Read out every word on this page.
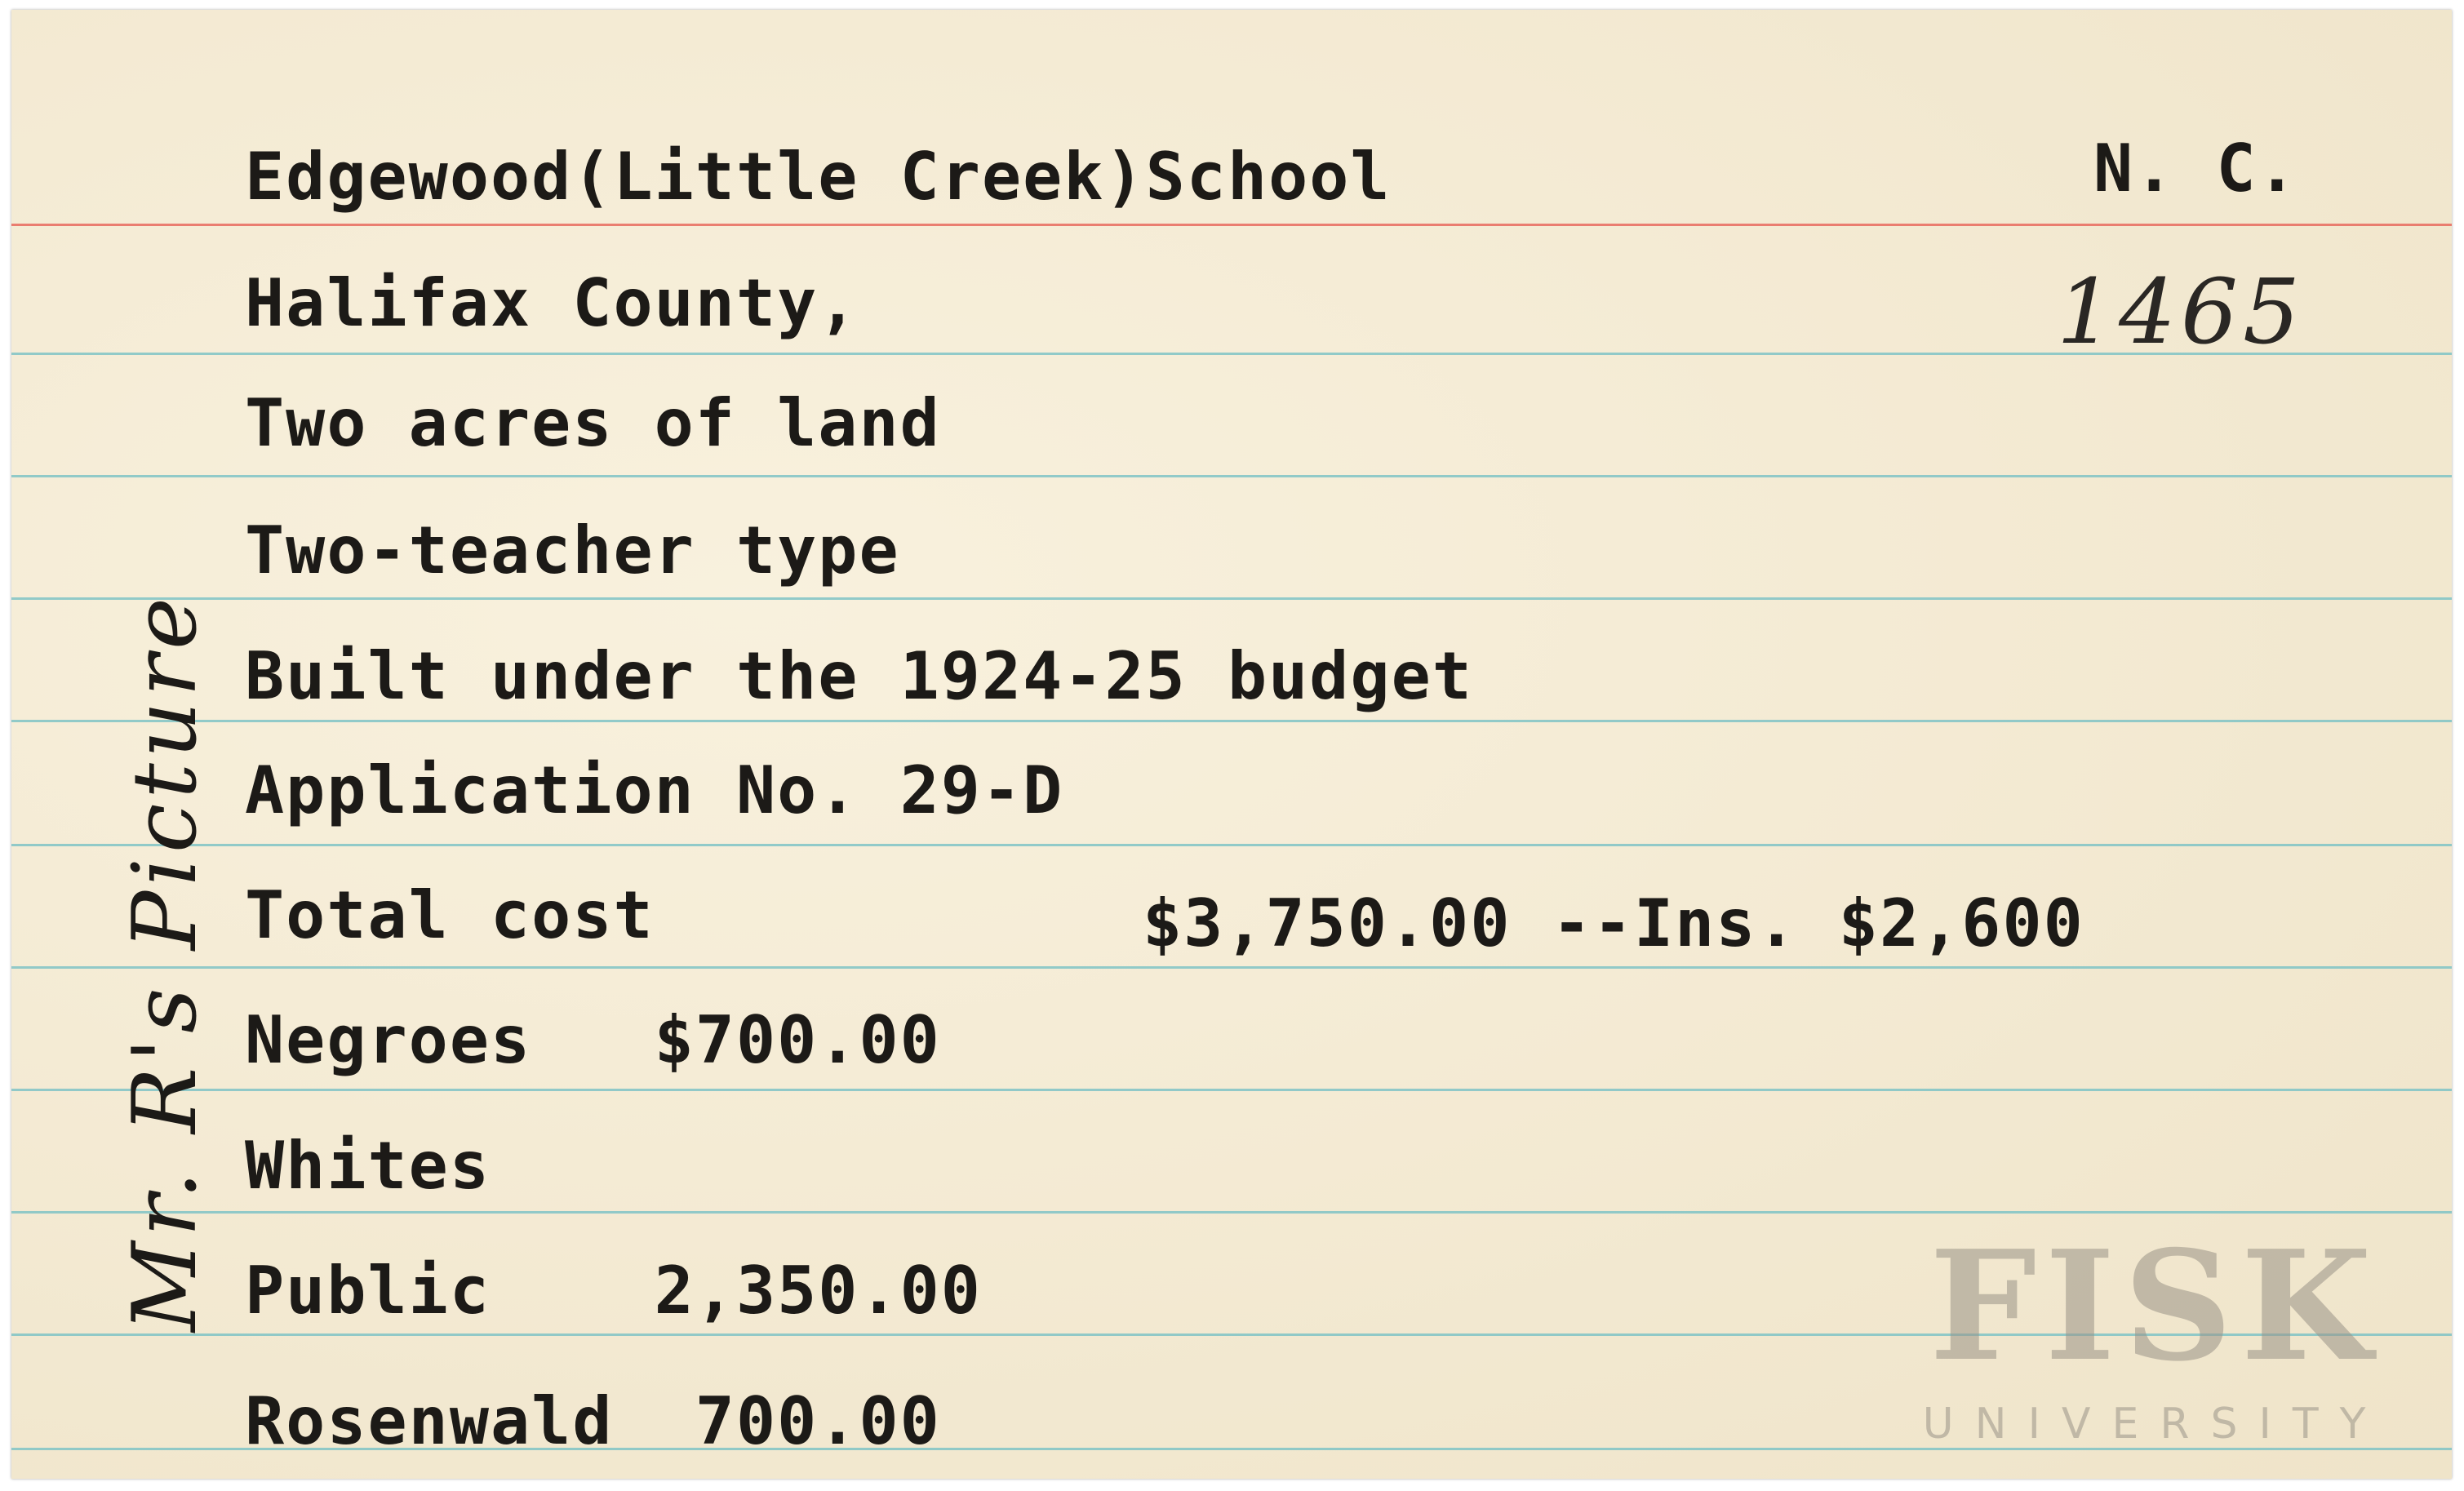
Edgewood(Little Creek)School	N. C.
1465
Halifax County,
Two acres of land
Two-teacher type
Built under the 1924-25 budget
Application No. 29-D
Total cost	$3,750.00 --Ins. $2,600
Negroes   $700.00
Whites
Public    2,350.00
Rosenwald  700.00
Mr. R's Picture	FISK
UNIVERSITY
